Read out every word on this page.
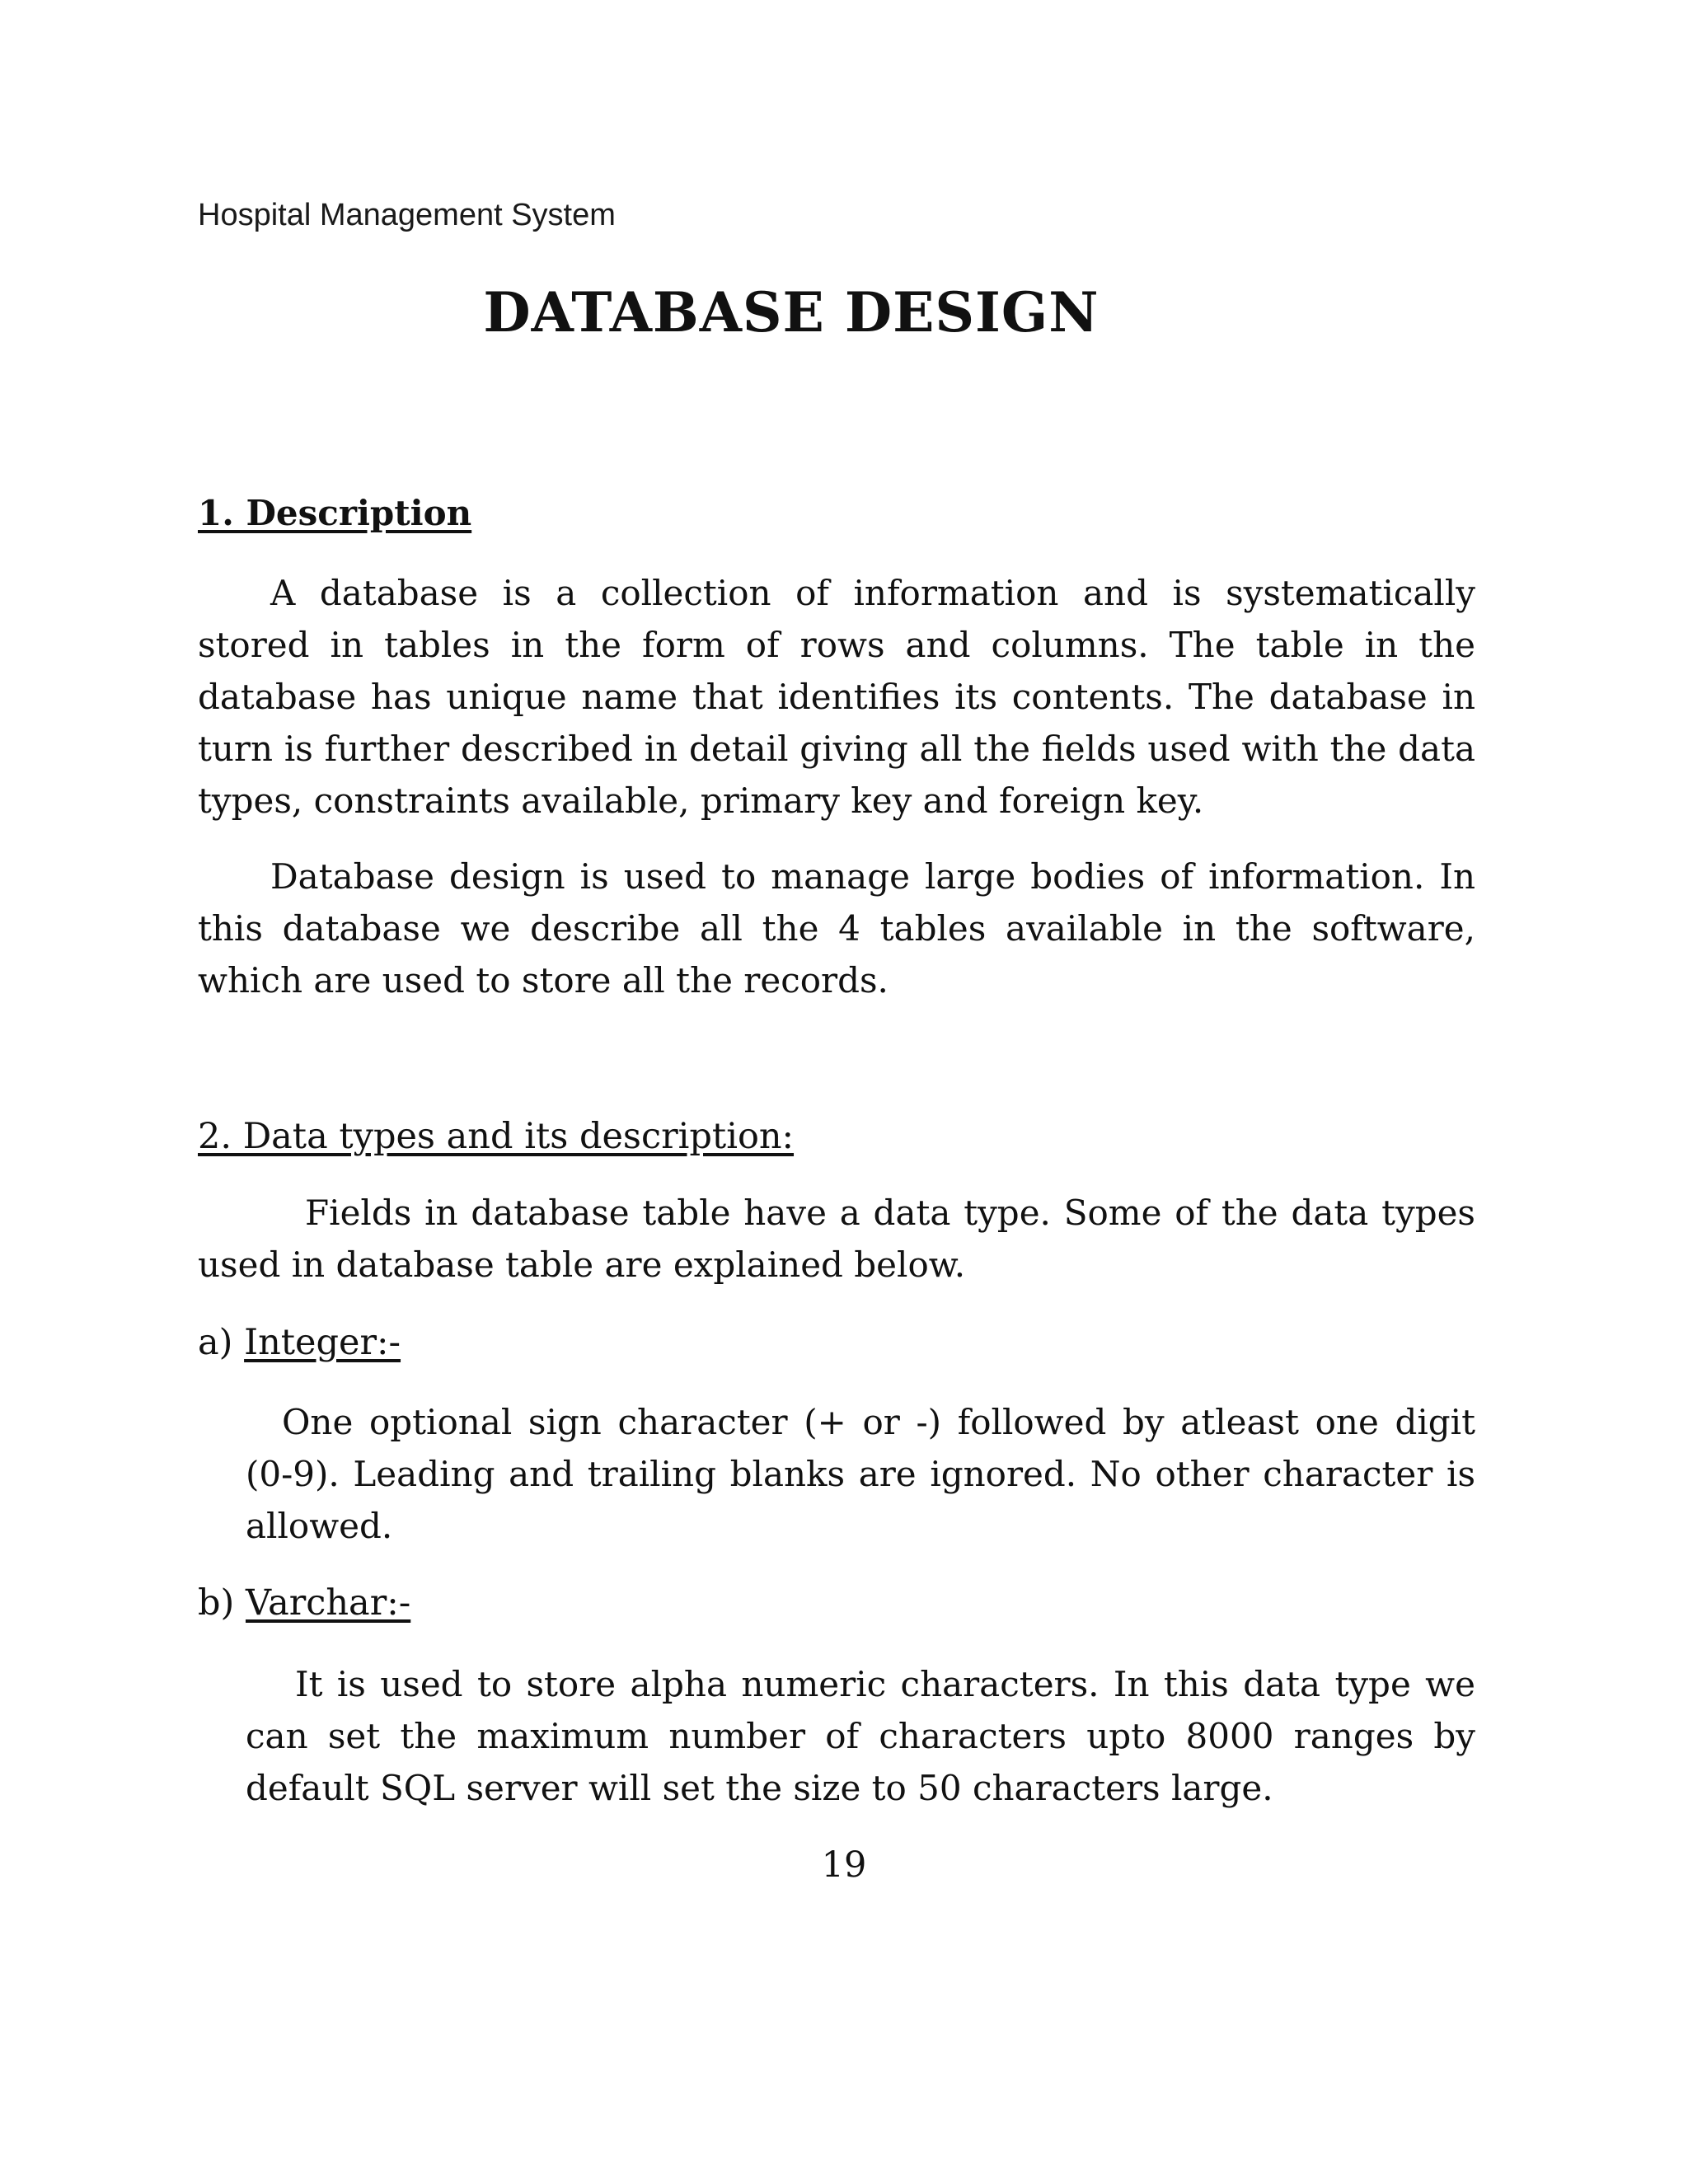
Hospital Management System
DATABASE DESIGN
1. Description

A database is a collection of information and is systematically stored in tables in the form of rows and columns. The table in the database has unique name that identifies its contents. The database in turn is further described in detail giving all the fields used with the data types, constraints available, primary key and foreign key.

Database design is used to manage large bodies of information. In this database we describe all the 4 tables available in the software, which are used to store all the records.

2. Data types and its description:

Fields in database table have a data type. Some of the data types used in database table are explained below.

a) Integer:-

One optional sign character (+ or -) followed by atleast one digit (0-9). Leading and trailing blanks are ignored. No other character is allowed.

b) Varchar:-

It is used to store alpha numeric characters. In this data type we can set the maximum number of characters upto 8000 ranges by default SQL server will set the size to 50 characters large.

19
